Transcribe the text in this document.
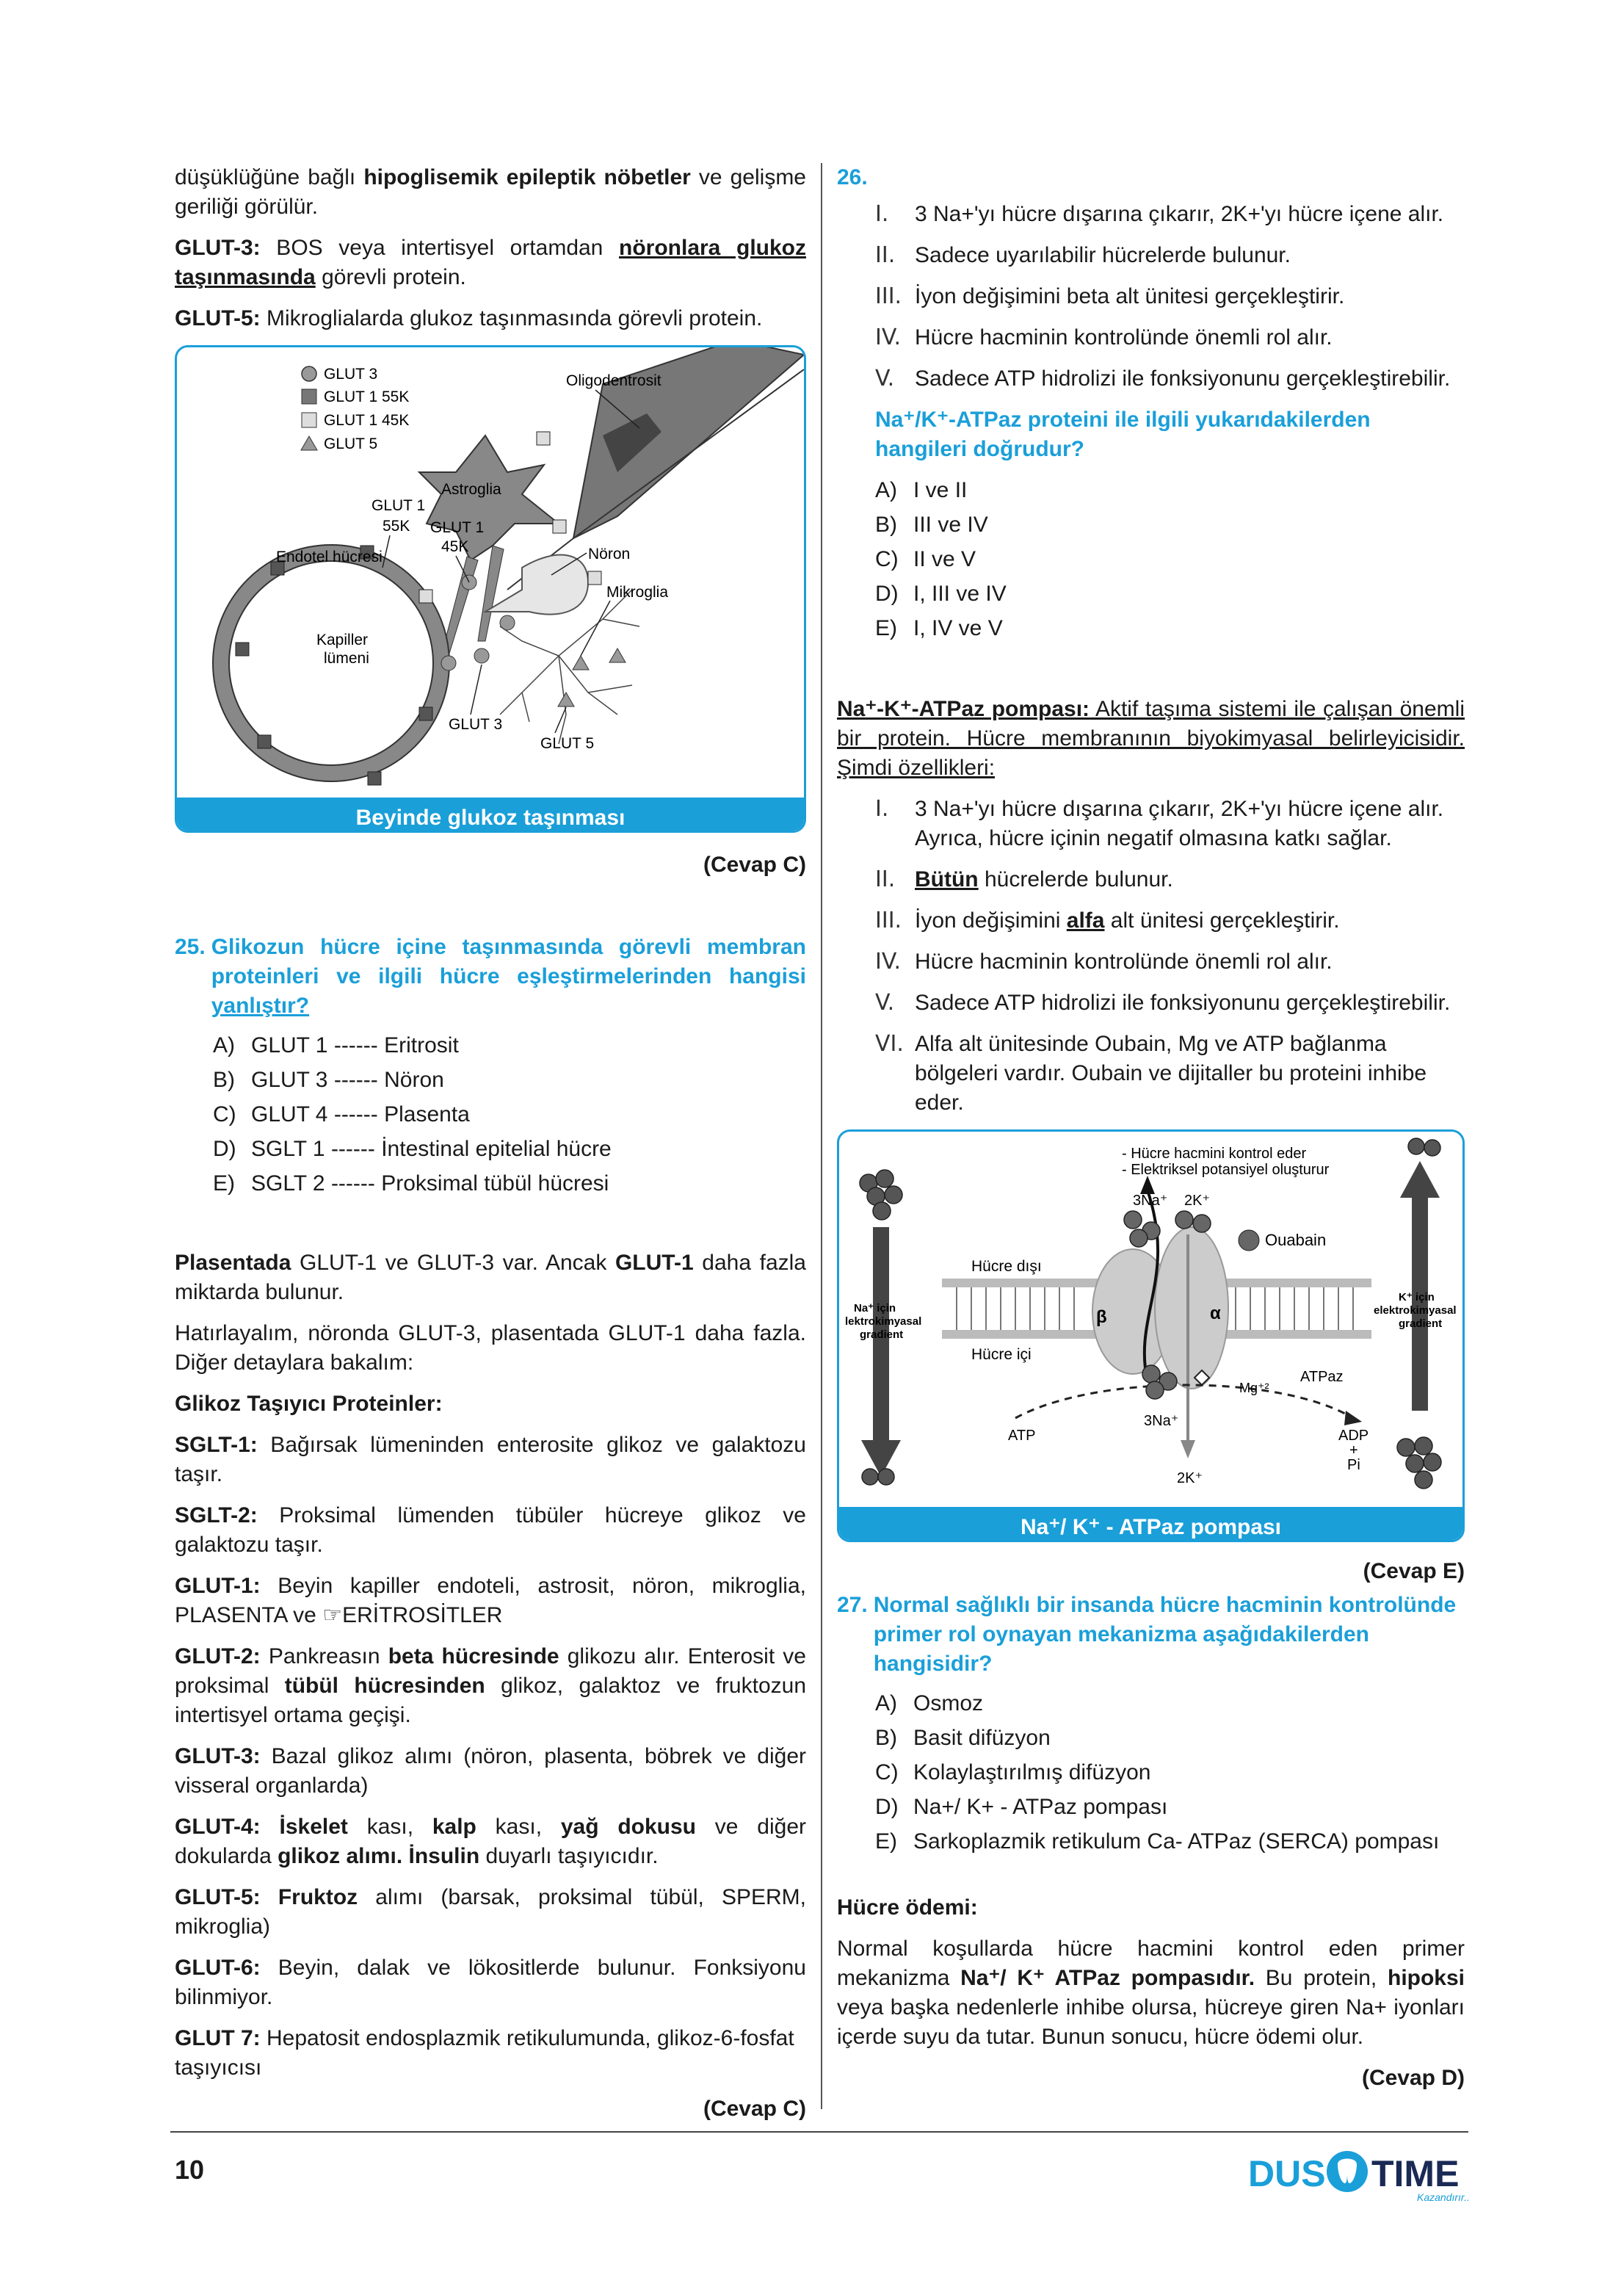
düşüklüğüne bağlı hipoglisemik epileptik nöbetler ve gelişme geriliği görülür.

GLUT-3: BOS veya intertisyel ortamdan nöronlara glukoz taşınmasında görevli protein.

GLUT-5: Mikroglialarda glukoz taşınmasında görevli protein.

GLUT 3
GLUT 1 55K
GLUT 1 45K
GLUT 5
Oligodentrosit
Astroglia
GLUT 1
55K GLUT 1
45K
Endotel hücresi	Nöron
Mikroglia
Kapiller
lümeni
GLUT 3
GLUT 5
Beyinde glukoz taşınması
(Cevap C)
25. Glikozun hücre içine taşınmasında görevli membran proteinleri ve ilgili hücre eşleştirmelerinden hangisi yanlıştır?
A) GLUT 1 ------ Eritrosit
B) GLUT 3 ------ Nöron
C) GLUT 4 ------ Plasenta
D) SGLT 1 ------ İntestinal epitelial hücre
E) SGLT 2 ------ Proksimal tübül hücresi

Plasentada GLUT-1 ve GLUT-3 var. Ancak GLUT-1 daha fazla miktarda bulunur.

Hatırlayalım, nöronda GLUT-3, plasentada GLUT-1 daha fazla. Diğer detaylara bakalım:

Glikoz Taşıyıcı Proteinler:

SGLT-1: Bağırsak lümeninden enterosite glikoz ve galaktozu taşır.

SGLT-2: Proksimal lümenden tübüler hücreye glikoz ve galaktozu taşır.

GLUT-1: Beyin kapiller endoteli, astrosit, nöron, mikroglia, PLASENTA ve ☞ERİTROSİTLER

GLUT-2: Pankreasın beta hücresinde glikozu alır. Enterosit ve proksimal tübül hücresinden glikoz, galaktoz ve fruktozun intertisyel ortama geçişi.

GLUT-3: Bazal glikoz alımı (nöron, plasenta, böbrek ve diğer visseral organlarda)

GLUT-4: İskelet kası, kalp kası, yağ dokusu ve diğer dokularda glikoz alımı. İnsulin duyarlı taşıyıcıdır.

GLUT-5: Fruktoz alımı (barsak, proksimal tübül, SPERM, mikroglia)

GLUT-6: Beyin, dalak ve lökositlerde bulunur. Fonksiyonu bilinmiyor.

GLUT 7: Hepatosit endosplazmik retikulumunda, glikoz-6-fosfat taşıyıcısı

(Cevap C)
26.
I.	3 Na+'yı hücre dışarına çıkarır, 2K+'yı hücre içene alır.
II. Sadece uyarılabilir hücrelerde bulunur.
III. İyon değişimini beta alt ünitesi gerçekleştirir.
IV. Hücre hacminin kontrolünde önemli rol alır.
V. Sadece ATP hidrolizi ile fonksiyonunu gerçekleştirebilir.

Na⁺/K⁺-ATPaz proteini ile ilgili yukarıdakilerden hangileri doğrudur?

A) I ve II
B) III ve IV
C) II ve V
D) I, III ve IV
E) I, IV ve V

Na⁺-K⁺-ATPaz pompası: Aktif taşıma sistemi ile çalışan önemli bir protein. Hücre membranının biyokimyasal belirleyicisidir. Şimdi özellikleri:

I.	3 Na+'yı hücre dışarına çıkarır, 2K+'yı hücre içene alır. Ayrıca, hücre içinin negatif olmasına katkı sağlar.
II. Bütün hücrelerde bulunur.
III. İyon değişimini alfa alt ünitesi gerçekleştirir.
IV. Hücre hacminin kontrolünde önemli rol alır.
V. Sadece ATP hidrolizi ile fonksiyonunu gerçekleştirebilir.
VI. Alfa alt ünitesinde Oubain, Mg ve ATP bağlanma bölgeleri vardır. Oubain ve dijitaller bu proteini inhibe eder.
- Hücre hacmini kontrol eder
- Elektriksel potansiyel oluşturur
3Na⁺ 2K⁺
Ouabain
Hücre dışı
Hücre içi
β	α
ATPaz
Mg⁺²
ATP
3Na⁺
2K⁺
ADP
+
Pi
Na⁺ için
lektrokimyasal
gradient
K⁺ için
elektrokimyasal
gradient
Na⁺/ K⁺ - ATPaz pompası
(Cevap E)
27. Normal sağlıklı bir insanda hücre hacminin kontrolünde primer rol oynayan mekanizma aşağıdakilerden hangisidir?
A) Osmoz
B) Basit difüzyon
C) Kolaylaştırılmış difüzyon
D) Na+/ K+ - ATPaz pompası
E) Sarkoplazmik retikulum Ca- ATPaz (SERCA) pompası

Hücre ödemi:

Normal koşullarda hücre hacmini kontrol eden primer mekanizma Na⁺/ K⁺ ATPaz pompasıdır. Bu protein, hipoksi veya başka nedenlerle inhibe olursa, hücreye giren Na+ iyonları içerde suyu da tutar. Bunun sonucu, hücre ödemi olur.

(Cevap D)
10	DUS TIME
Kazandırır...
